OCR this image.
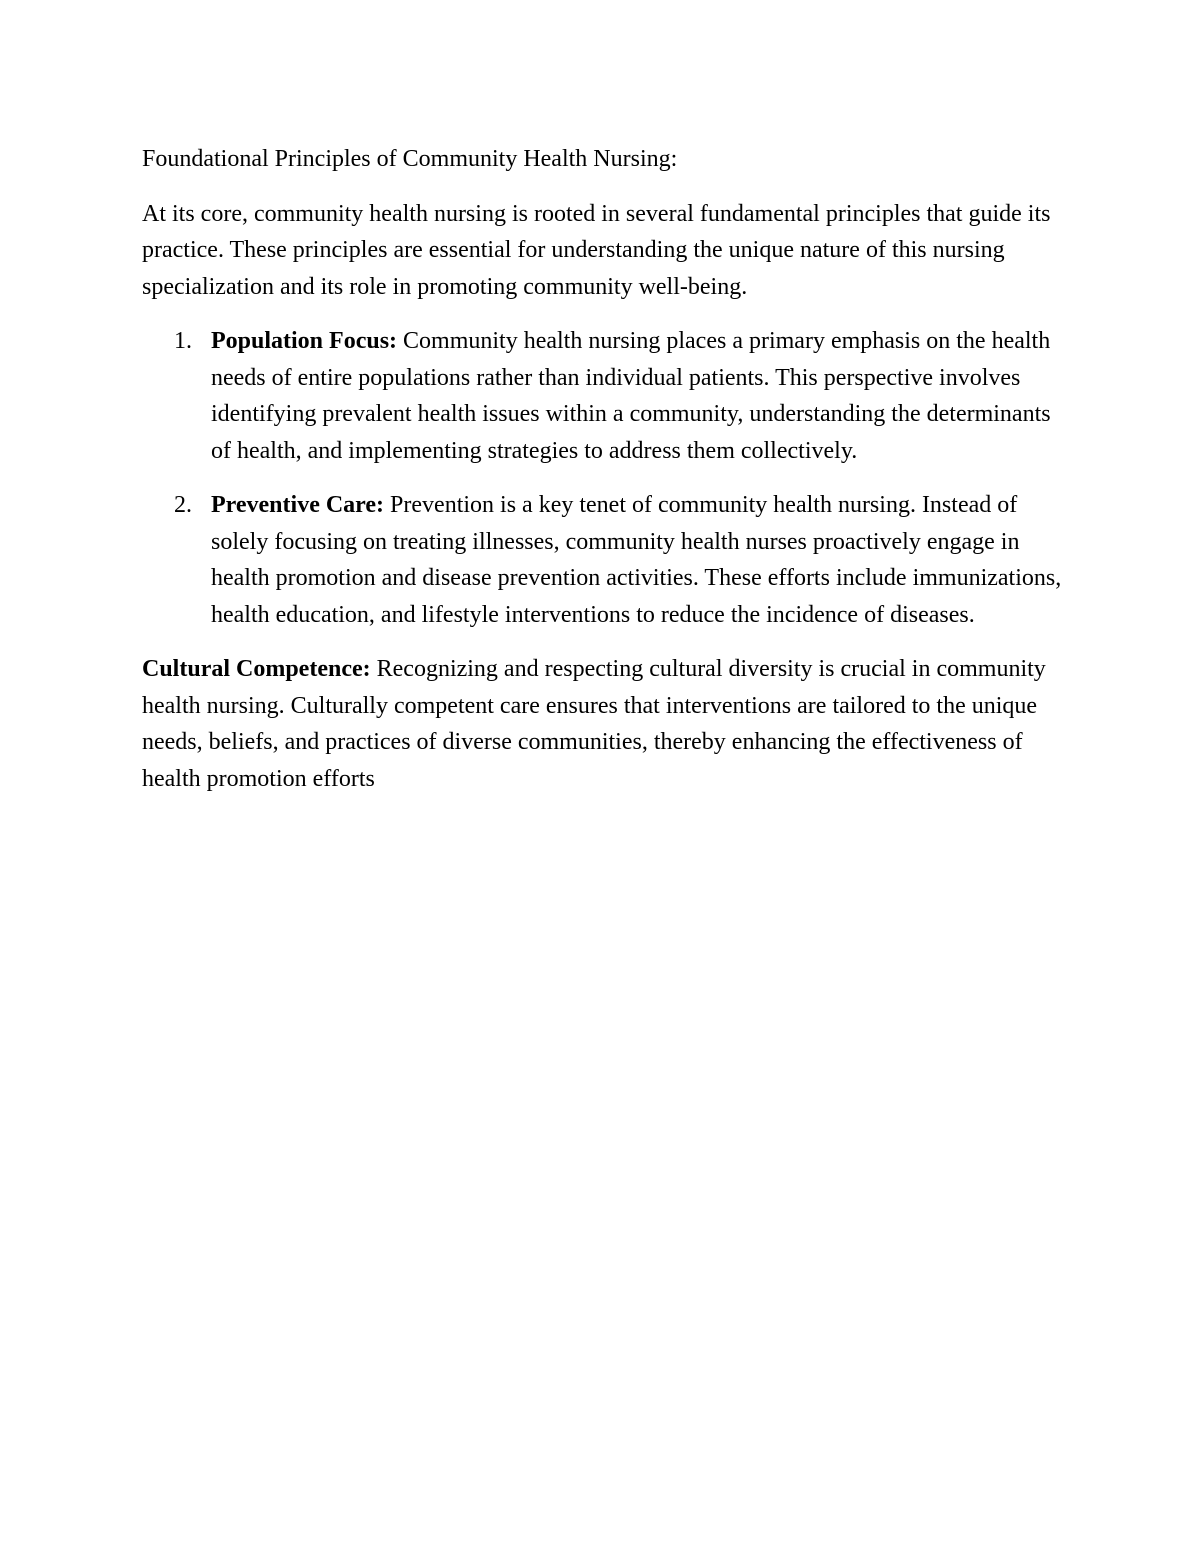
Foundational Principles of Community Health Nursing:

At its core, community health nursing is rooted in several fundamental principles that guide its practice. These principles are essential for understanding the unique nature of this nursing specialization and its role in promoting community well-being.

1. Population Focus: Community health nursing places a primary emphasis on the health needs of entire populations rather than individual patients. This perspective involves identifying prevalent health issues within a community, understanding the determinants of health, and implementing strategies to address them collectively.
2. Preventive Care: Prevention is a key tenet of community health nursing. Instead of solely focusing on treating illnesses, community health nurses proactively engage in health promotion and disease prevention activities. These efforts include immunizations, health education, and lifestyle interventions to reduce the incidence of diseases.

Cultural Competence: Recognizing and respecting cultural diversity is crucial in community health nursing. Culturally competent care ensures that interventions are tailored to the unique needs, beliefs, and practices of diverse communities, thereby enhancing the effectiveness of health promotion efforts
